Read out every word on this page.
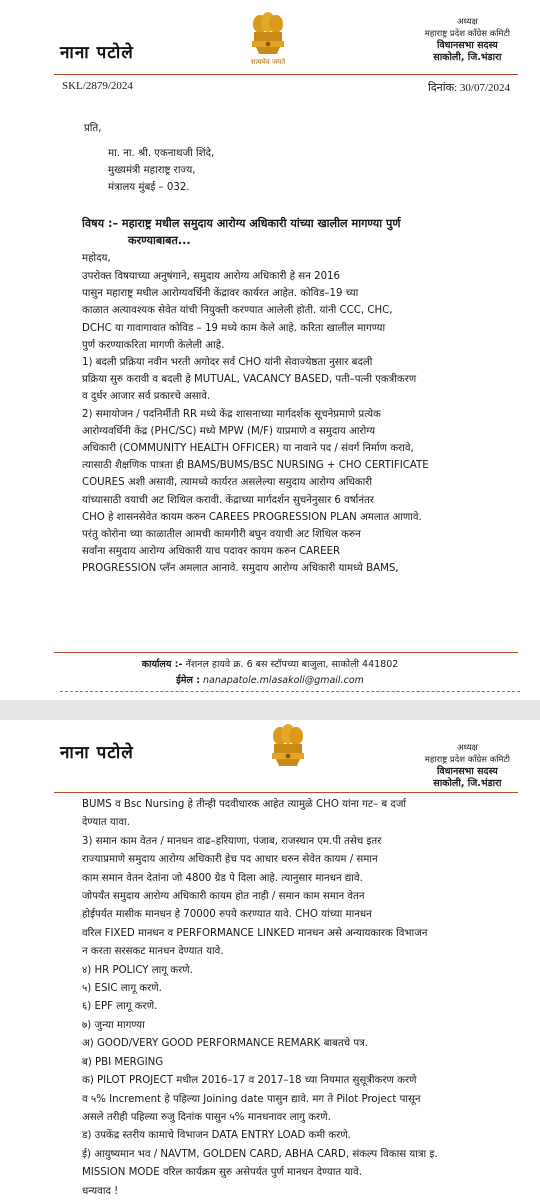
नाना पटोले	सत्यमेव जयते
अध्यक्ष
महाराष्ट्र प्रदेश कॉंग्रेस कमिटी
विधानसभा सदस्य
साकोली, जि.भंडारा
SKL/2879/2024	दिनांक: 30/07/2024
प्रति,
मा. ना. श्री. एकनाथजी शिंदे,
मुख्यमंत्री महाराष्ट्र राज्य,
मंत्रालय मुंबई – 032.
विषय :– महाराष्ट्र मधील समुदाय आरोग्य अधिकारी यांच्या खालील मागण्या पुर्ण
करण्याबाबत...
महोदय,
उपरोक्त विषयाच्या अनुषंगाने, समुदाय आरोग्य अधिकारी हे सन 2016
पासुन महाराष्ट्र मधील आरोग्यवर्धिनी केंद्रावर कार्यरत आहेत. कोविड–19 च्या
काळात अत्यावश्यक सेवेत यांची नियुक्ती करण्यात आलेली होती. यांनी CCC, CHC,
DCHC या गावागावात कोविड – 19 मध्ये काम केले आहे. करिता खालील मागण्या
पुर्ण करण्याकरिता मागणी केलेली आहे.
1) बदली प्रक्रिया नवीन भरती अगोदर सर्व CHO यांनी सेवाज्येष्ठता नुसार बदली
प्रक्रिया सुरु करावी व बदली हे MUTUAL, VACANCY BASED, पती–पत्नी एकत्रीकरण
व दुर्धर आजार सर्व प्रकारचे असावे.
2) समायोजन / पदनिर्मीती RR मध्ये केंद्र शासनाच्या मार्गदर्शक सूचनेप्रमाणे प्रत्येक
आरोग्यवर्धिनी केंद्र (PHC/SC) मध्ये MPW (M/F) याप्रमाणे व समुदाय आरोग्य
अधिकारी (COMMUNITY HEALTH OFFICER) या नावाने पद / संवर्ग निर्माण करावे,
त्यासाठी शैक्षणिक पात्रता ही BAMS/BUMS/BSC NURSING + CHO CERTIFICATE
COURES अशी असावी, त्यामध्ये कार्यरत असलेल्या समुदाय आरोग्य अधिकारी
यांच्यासाठी वयाची अट शिथिल करावी. केंद्राच्या मार्गदर्शन सुचनेनुसार 6 वर्षानंतर
CHO हे शासनसेवेत कायम करुन CAREES PROGRESSION PLAN अमलात आणावे.
परंतु कोरोना च्या काळातील आमची कामगीरी बघुन वयाची अट शिथिल करुन
सर्वांना समुदाय आरोग्य अधिकारी याच पदावर कायम करुन CAREER
PROGRESSION प्लॅन अमलात आनावे. समुदाय आरोग्य अधिकारी यामध्ये BAMS,
कार्यालय :- नॅशनल हायवे क्र. 6 बस स्टॉपच्या बाजुला, साकोली 441802
ईमेल : nanapatole.mlasakoli@gmail.com
नाना पटोले	अध्यक्ष
महाराष्ट्र प्रदेश कॉंग्रेस कमिटी
विधानसभा सदस्य
साकोली, जि.भंडारा
BUMS व Bsc Nursing हे तीन्ही पदवीधारक आहेत त्यामुळे CHO यांना गट– ब दर्जा
देण्यात यावा.
3) समान काम वेतन / मानधन वाढ–हरियाणा, पंजाब, राजस्थान एम.पी तसेच इतर
राज्याप्रमाणे समुदाय आरोग्य अधिकारी हेच पद आधार धरुन सेवेत कायम / समान
काम समान वेतन देतांना जो 4800 ग्रेड पे दिला आहे. त्यानुसार मानधन द्यावे.
जोपर्यंत समुदाय आरोग्य अधिकारी कायम होत नाही / समान काम समान वेतन
होईपर्यत मासीक मानधन हे 70000 रुपये करण्यात यावे. CHO यांच्या मानधन
वरिल FIXED मानधन व PERFORMANCE LINKED मानधन असे अन्यायकारक विभाजन
न करता सरसकट मानधन देण्यात यावे.
४) HR POLICY लागू करणे.
५) ESIC लागू करणे.
६) EPF लागू करणे.
७) जुन्या मागण्या
अ) GOOD/VERY GOOD PERFORMANCE REMARK बाबतचे पत्र.
ब) PBI MERGING
क) PILOT PROJECT मधील 2016–17 व 2017–18 च्या नियमात सुसूत्रीकरण करणे
व ५% Increment हे पहिल्या Joining date पासुन द्यावे. मग ते Pilot Project पासून
असले तरीही पहिल्या रुजु दिनांक पासुन ५% मानधनावर लागु करणे.
ड) उपकेंद्र स्तरीय कामाचे विभाजन DATA ENTRY LOAD कमी करणे.
ई) आयुष्यमान भव / NAVTM, GOLDEN CARD, ABHA CARD, संकल्प विकास यात्रा इ.
MISSION MODE वरिल कार्यक्रम सुरु असेपर्यत पुर्ण मानधन देण्यात यावे.
धन्यवाद !
